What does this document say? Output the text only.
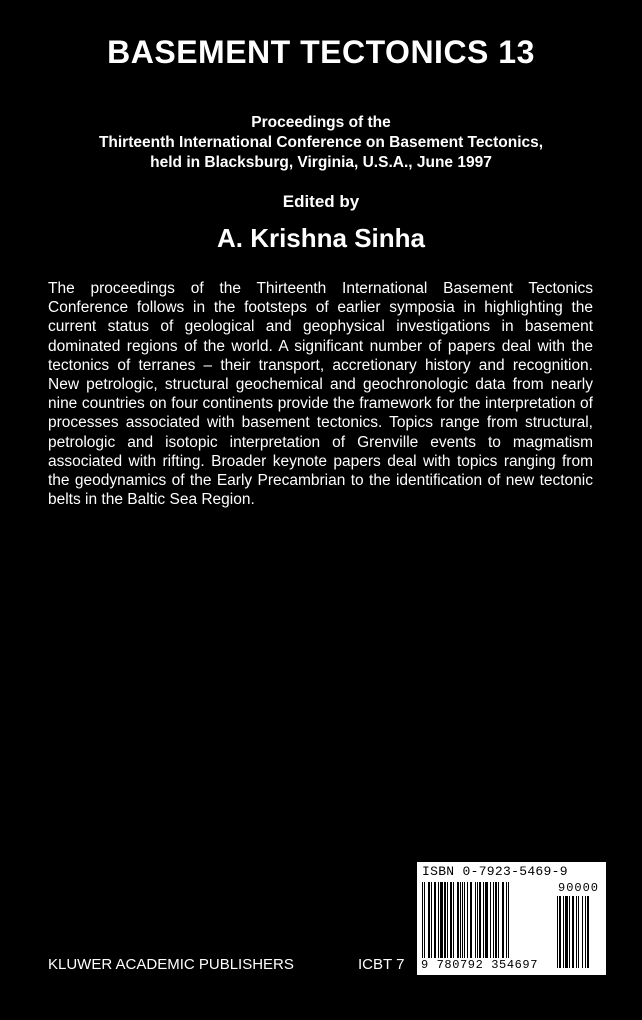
BASEMENT TECTONICS 13
Proceedings of the
Thirteenth International Conference on Basement Tectonics,
held in Blacksburg, Virginia, U.S.A., June 1997
Edited by
A. Krishna Sinha
The proceedings of the Thirteenth International Basement Tectonics Conference follows in the footsteps of earlier symposia in highlighting the current status of geological and geophysical investigations in basement dominated regions of the world. A significant number of papers deal with the tectonics of terranes – their transport, accretionary history and recognition. New petrologic, structural geochemical and geochronologic data from nearly nine countries on four continents provide the framework for the interpretation of processes associated with basement tectonics. Topics range from structural, petrologic and isotopic interpretation of Grenville events to magmatism associated with rifting. Broader keynote papers deal with topics ranging from the geodynamics of the Early Precambrian to the identification of new tectonic belts in the Baltic Sea Region.
KLUWER ACADEMIC PUBLISHERS	ICBT 7
ISBN 0-7923-5469-9
90000
9 780792 354697
